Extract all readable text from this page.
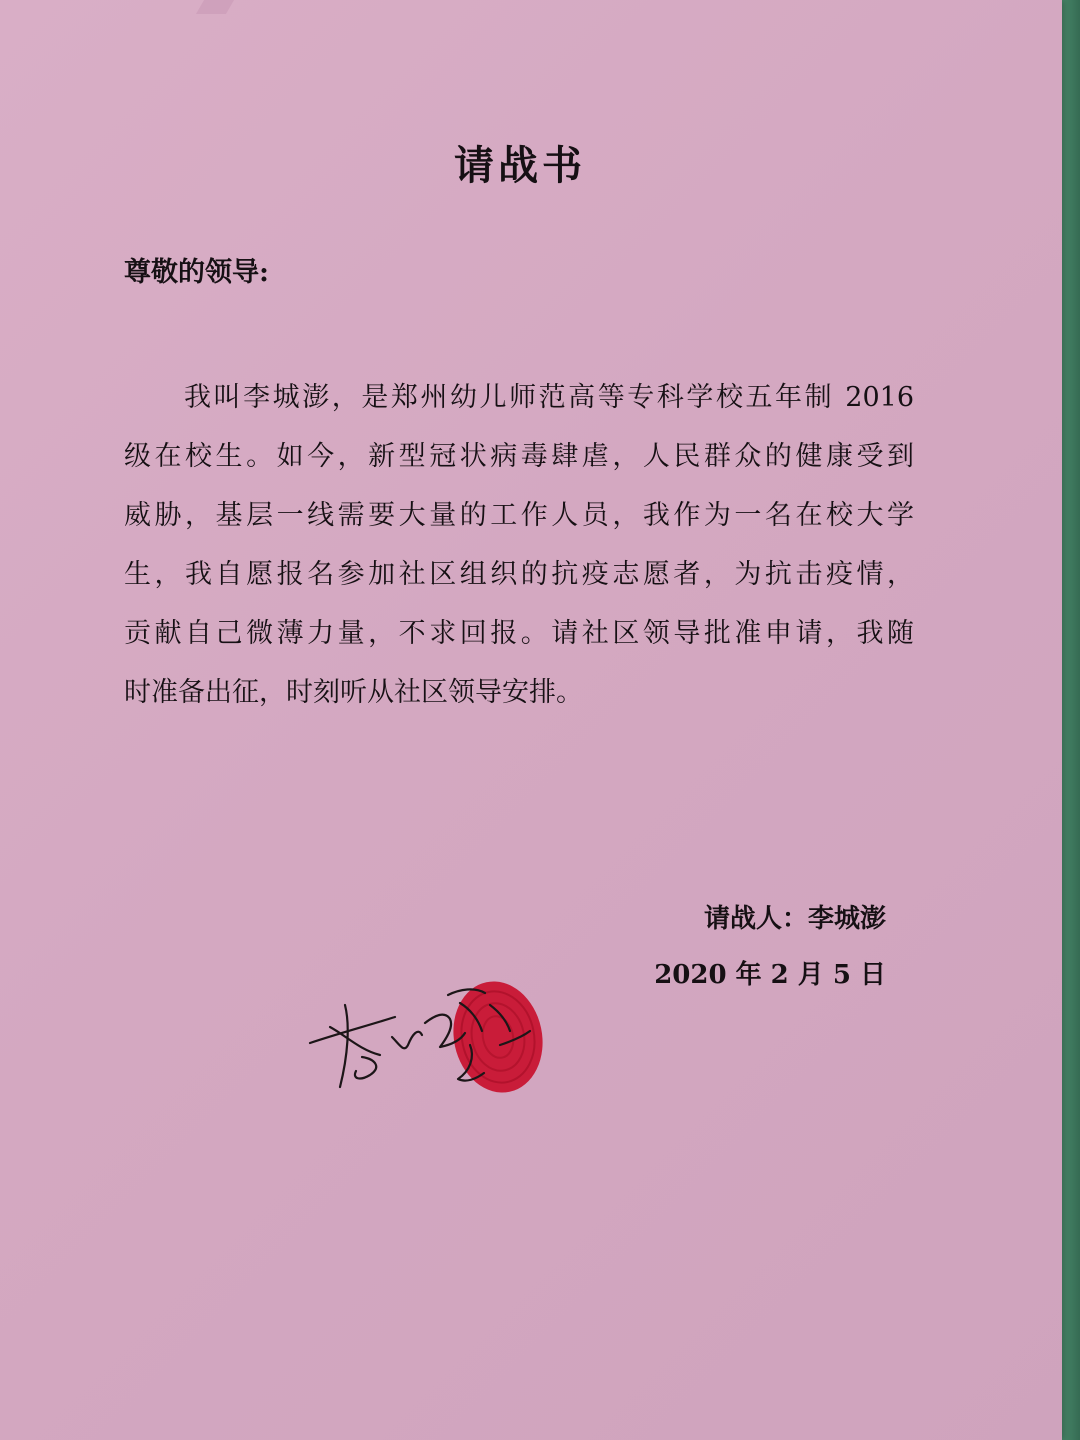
请战书
尊敬的领导:
我叫李城澎，是郑州幼儿师范高等专科学校五年制 2016
级在校生。如今，新型冠状病毒肆虐，人民群众的健康受到
威胁，基层一线需要大量的工作人员，我作为一名在校大学
生，我自愿报名参加社区组织的抗疫志愿者，为抗击疫情，
贡献自己微薄力量，不求回报。请社区领导批准申请，我随
时准备出征，时刻听从社区领导安排。
请战人：李城澎
2020 年 2 月 5 日
